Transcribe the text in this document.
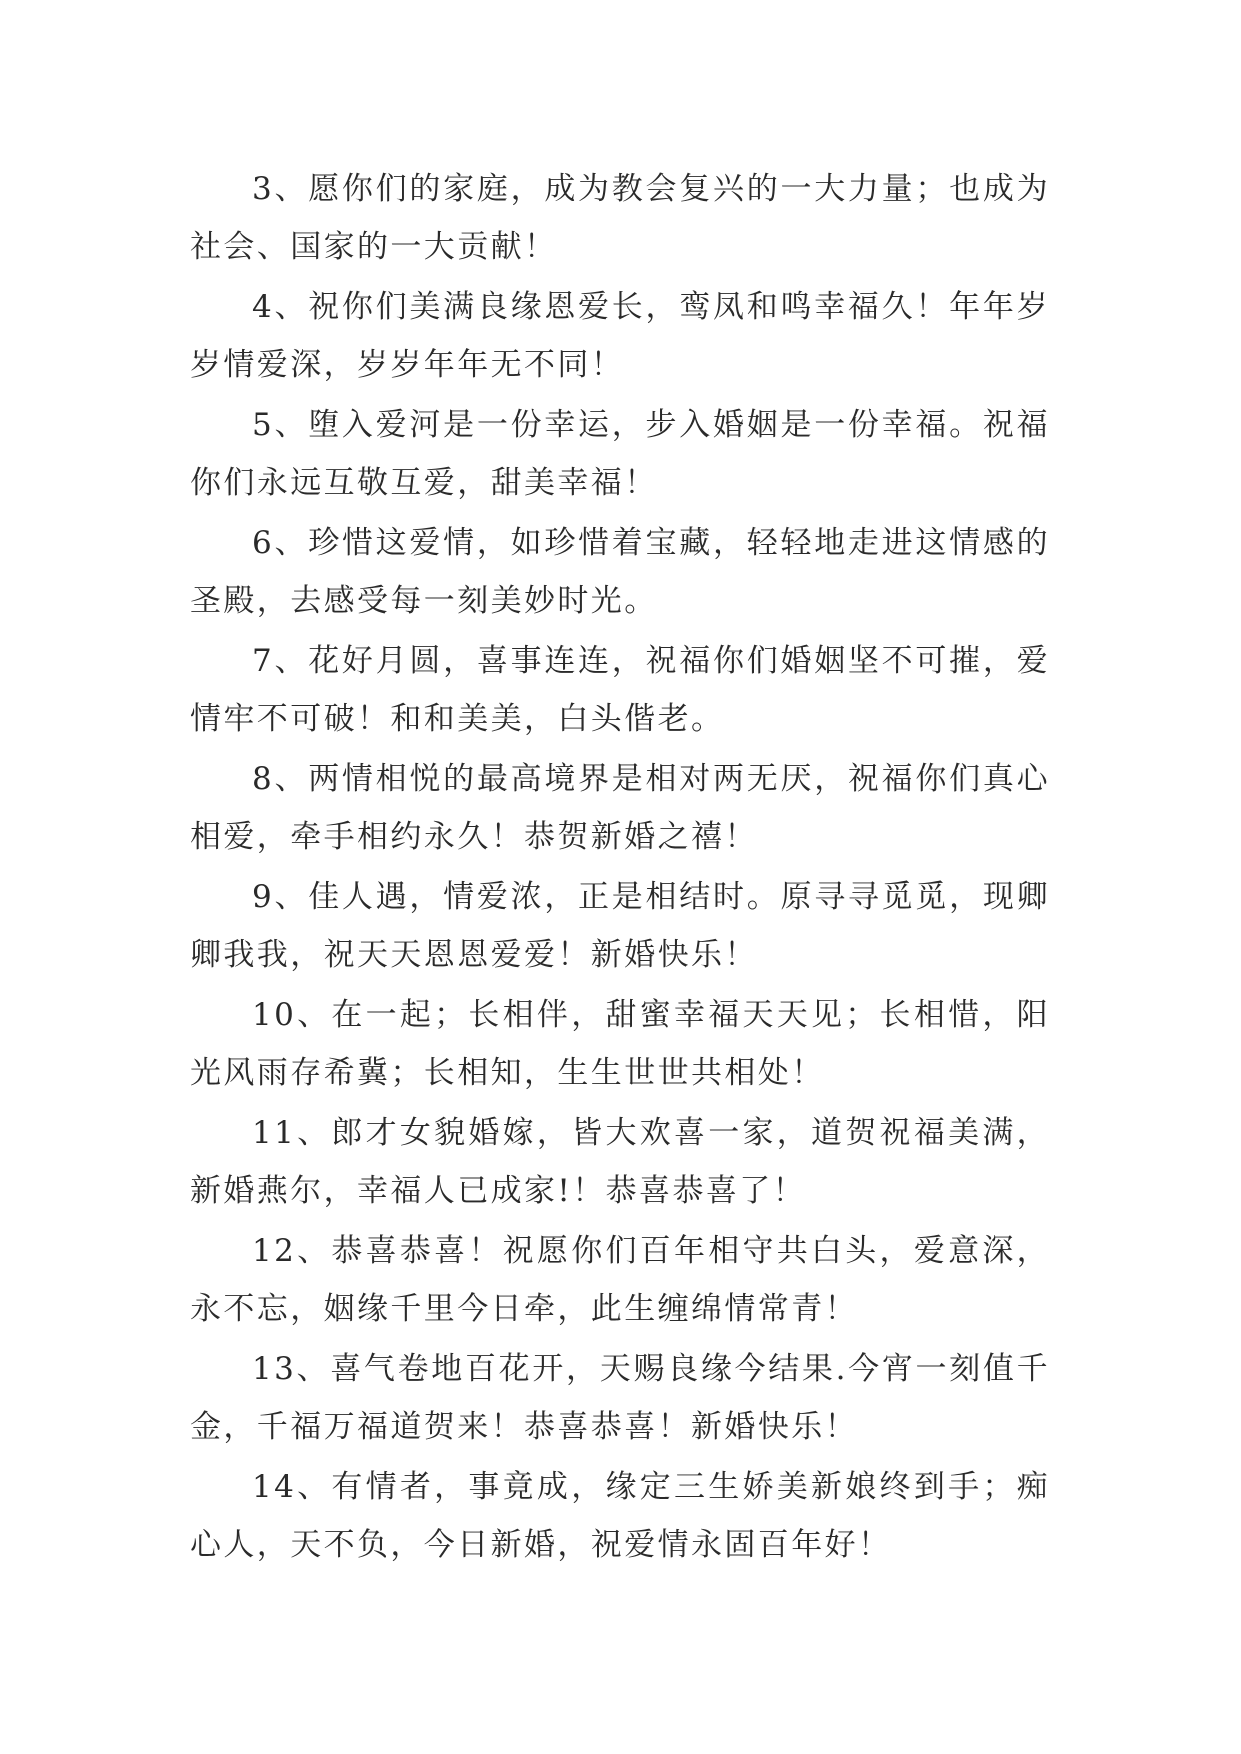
3、愿你们的家庭，成为教会复兴的一大力量；也成为社会、国家的一大贡献！

4、祝你们美满良缘恩爱长，鸾凤和鸣幸福久！年年岁岁情爱深，岁岁年年无不同！

5、堕入爱河是一份幸运，步入婚姻是一份幸福。祝福你们永远互敬互爱，甜美幸福！

6、珍惜这爱情，如珍惜着宝藏，轻轻地走进这情感的圣殿，去感受每一刻美妙时光。

7、花好月圆，喜事连连，祝福你们婚姻坚不可摧，爱情牢不可破！和和美美，白头偕老。

8、两情相悦的最高境界是相对两无厌，祝福你们真心相爱，牵手相约永久！恭贺新婚之禧！

9、佳人遇，情爱浓，正是相结时。原寻寻觅觅，现卿卿我我，祝天天恩恩爱爱！新婚快乐！

10、在一起；长相伴，甜蜜幸福天天见；长相惜，阳光风雨存希冀；长相知，生生世世共相处！

11、郎才女貌婚嫁，皆大欢喜一家，道贺祝福美满，新婚燕尔，幸福人已成家!！恭喜恭喜了！

12、恭喜恭喜！祝愿你们百年相守共白头，爱意深，永不忘，姻缘千里今日牵，此生缠绵情常青！

13、喜气卷地百花开，天赐良缘今结果.今宵一刻值千金，千福万福道贺来！恭喜恭喜！新婚快乐！

14、有情者，事竟成，缘定三生娇美新娘终到手；痴心人，天不负，今日新婚，祝爱情永固百年好！
